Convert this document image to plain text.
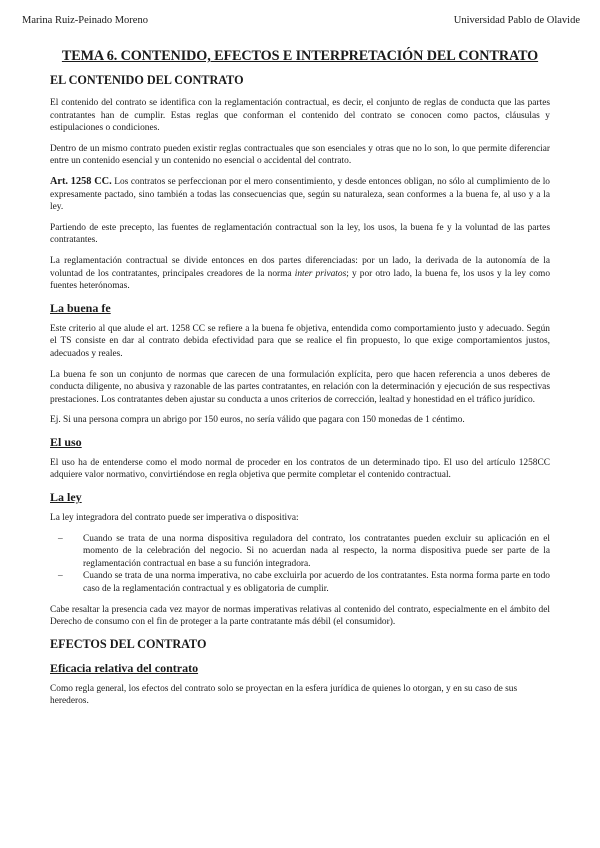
Marina Ruiz-Peinado Moreno	Universidad Pablo de Olavide
TEMA 6. CONTENIDO, EFECTOS E INTERPRETACIÓN DEL CONTRATO
EL CONTENIDO DEL CONTRATO

El contenido del contrato se identifica con la reglamentación contractual, es decir, el conjunto de reglas de conducta que las partes contratantes han de cumplir. Estas reglas que conforman el contenido del contrato se conocen como pactos, cláusulas y estipulaciones o condiciones.

Dentro de un mismo contrato pueden existir reglas contractuales que son esenciales y otras que no lo son, lo que permite diferenciar entre un contenido esencial y un contenido no esencial o accidental del contrato.

Art. 1258 CC. Los contratos se perfeccionan por el mero consentimiento, y desde entonces obligan, no sólo al cumplimiento de lo expresamente pactado, sino también a todas las consecuencias que, según su naturaleza, sean conformes a la buena fe, al uso y a la ley.

Partiendo de este precepto, las fuentes de reglamentación contractual son la ley, los usos, la buena fe y la voluntad de las partes contratantes.

La reglamentación contractual se divide entonces en dos partes diferenciadas: por un lado, la derivada de la autonomía de la voluntad de los contratantes, principales creadores de la norma inter privatos; y por otro lado, la buena fe, los usos y la ley como fuentes heterónomas.

La buena fe

Este criterio al que alude el art. 1258 CC se refiere a la buena fe objetiva, entendida como comportamiento justo y adecuado. Según el TS consiste en dar al contrato debida efectividad para que se realice el fin propuesto, lo que exige comportamientos justos, adecuados y reales.

La buena fe son un conjunto de normas que carecen de una formulación explícita, pero que hacen referencia a unos deberes de conducta diligente, no abusiva y razonable de las partes contratantes, en relación con la determinación y ejecución de sus respectivas prestaciones. Los contratantes deben ajustar su conducta a unos criterios de corrección, lealtad y honestidad en el tráfico jurídico.

Ej. Si una persona compra un abrigo por 150 euros, no sería válido que pagara con 150 monedas de 1 céntimo.

El uso

El uso ha de entenderse como el modo normal de proceder en los contratos de un determinado tipo. El uso del artículo 1258CC adquiere valor normativo, convirtiéndose en regla objetiva que permite completar el contenido contractual.

La ley

La ley integradora del contrato puede ser imperativa o dispositiva:

– Cuando se trata de una norma dispositiva reguladora del contrato, los contratantes pueden excluir su aplicación en el momento de la celebración del negocio. Si no acuerdan nada al respecto, la norma dispositiva puede ser parte de la reglamentación contractual en base a su función integradora.
– Cuando se trata de una norma imperativa, no cabe excluirla por acuerdo de los contratantes. Esta norma forma parte en todo caso de la reglamentación contractual y es obligatoria de cumplir.

Cabe resaltar la presencia cada vez mayor de normas imperativas relativas al contenido del contrato, especialmente en el ámbito del Derecho de consumo con el fin de proteger a la parte contratante más débil (el consumidor).

EFECTOS DEL CONTRATO
Eficacia relativa del contrato

Como regla general, los efectos del contrato solo se proyectan en la esfera jurídica de quienes lo otorgan, y en su caso de sus herederos.
